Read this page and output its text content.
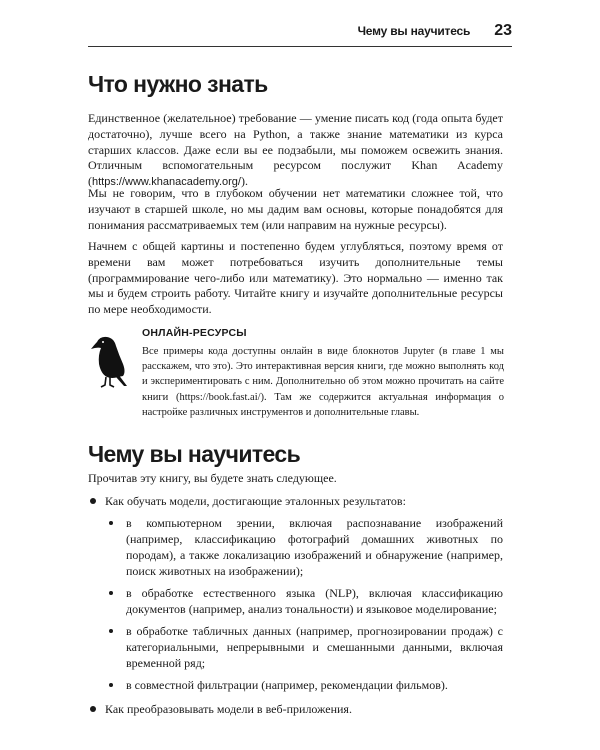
Чему вы научитесь 23
Что нужно знать

Единственное (желательное) требование — умение писать код (года опыта будет достаточно), лучше всего на Python, а также знание математики из курса старших классов. Даже если вы ее подзабыли, мы поможем освежить знания. Отличным вспомогательным ресурсом послужит Khan Academy (https://www.khanacademy.org/).

Мы не говорим, что в глубоком обучении нет математики сложнее той, что изучают в старшей школе, но мы дадим вам основы, которые понадобятся для понимания рассматриваемых тем (или направим на нужные ресурсы).

Начнем с общей картины и постепенно будем углубляться, поэтому время от времени вам может потребоваться изучить дополнительные темы (программирование чего-либо или математику). Это нормально — именно так мы и будем строить работу. Читайте книгу и изучайте дополнительные ресурсы по мере необходимости.

ОНЛАЙН-РЕСУРСЫ

Все примеры кода доступны онлайн в виде блокнотов Jupyter (в главе 1 мы расскажем, что это). Это интерактивная версия книги, где можно выполнять код и экспериментировать с ним. Дополнительно об этом можно прочитать на сайте книги (https://book.fast.ai/). Там же содержится актуальная информация о настройке различных инструментов и дополнительные главы.

Чему вы научитесь

Прочитав эту книгу, вы будете знать следующее.

Как обучать модели, достигающие эталонных результатов:
в компьютерном зрении, включая распознавание изображений (например, классификацию фотографий домашних животных по породам), а также локализацию изображений и обнаружение (например, поиск животных на изображении);
в обработке естественного языка (NLP), включая классификацию документов (например, анализ тональности) и языковое моделирование;
в обработке табличных данных (например, прогнозировании продаж) с категориальными, непрерывными и смешанными данными, включая временной ряд;
в совместной фильтрации (например, рекомендации фильмов).
Как преобразовывать модели в веб-приложения.
